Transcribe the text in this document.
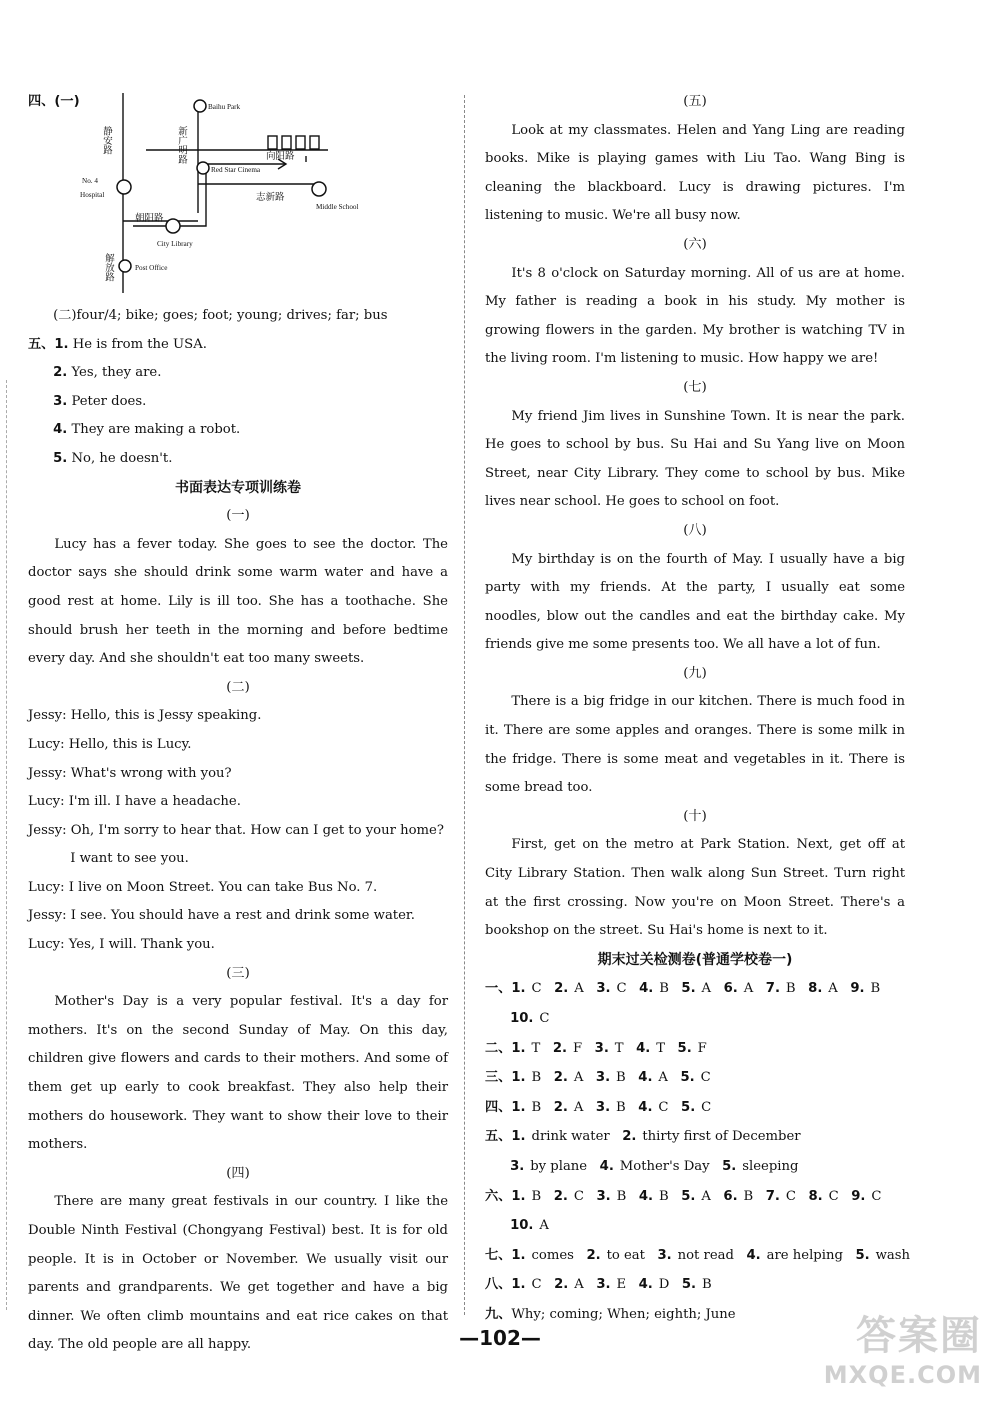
四、(一)	Baihu Park
Red Star Cinema
No. 4
Hospital
Middle School
City Library
Post Office
向阳路
志新路
朝阳路
新广明路
静安路
解放路

(二)four/4; bike; goes; foot; young; drives; far; bus

五、1. He is from the USA.

2. Yes, they are.

3. Peter does.

4. They are making a robot.

5. No, he doesn't.

书面表达专项训练卷

(一)

Lucy has a fever today. She goes to see the doctor. The doctor says she should drink some warm water and have a good rest at home. Lily is ill too. She has a toothache. She should brush her teeth in the morning and before bedtime every day. And she shouldn't eat too many sweets.

(二)

Jessy: Hello, this is Jessy speaking.

Lucy: Hello, this is Lucy.

Jessy: What's wrong with you?

Lucy: I'm ill. I have a headache.

Jessy: Oh, I'm sorry to hear that. How can I get to your home? I want to see you.

Lucy: I live on Moon Street. You can take Bus No. 7.

Jessy: I see. You should have a rest and drink some water.

Lucy: Yes, I will. Thank you.

(三)

Mother's Day is a very popular festival. It's a day for mothers. It's on the second Sunday of May. On this day, children give flowers and cards to their mothers. And some of them get up early to cook breakfast. They also help their mothers do housework. They want to show their love to their mothers.

(四)

There are many great festivals in our country. I like the Double Ninth Festival (Chongyang Festival) best. It is for old people. It is in October or November. We usually visit our parents and grandparents. We get together and have a big dinner. We often climb mountains and eat rice cakes on that day. The old people are all happy.

(五)

Look at my classmates. Helen and Yang Ling are reading books. Mike is playing games with Liu Tao. Wang Bing is cleaning the blackboard. Lucy is drawing pictures. I'm listening to music. We're all busy now.

(六)

It's 8 o'clock on Saturday morning. All of us are at home. My father is reading a book in his study. My mother is growing flowers in the garden. My brother is watching TV in the living room. I'm listening to music. How happy we are!

(七)

My friend Jim lives in Sunshine Town. It is near the park. He goes to school by bus. Su Hai and Su Yang live on Moon Street, near City Library. They come to school by bus. Mike lives near school. He goes to school on foot.

(八)

My birthday is on the fourth of May. I usually have a big party with my friends. At the party, I usually eat some noodles, blow out the candles and eat the birthday cake. My friends give me some presents too. We all have a lot of fun.

(九)

There is a big fridge in our kitchen. There is much food in it. There are some apples and oranges. There is some milk in the fridge. There is some meat and vegetables in it. There is some bread too.

(十)

First, get on the metro at Park Station. Next, get off at City Library Station. Then walk along Sun Street. Turn right at the first crossing. Now you're on Moon Street. There's a bookshop on the street. Su Hai's home is next to it.

期末过关检测卷(普通学校卷一)

一、1. C 2. A 3. C 4. B 5. A 6. A 7. B 8. A 9. B

10. C

二、1. T 2. F 3. T 4. T 5. F

三、1. B 2. A 3. B 4. A 5. C

四、1. B 2. A 3. B 4. C 5. C

五、1. drink water 2. thirty first of December

3. by plane 4. Mother's Day 5. sleeping

六、1. B 2. C 3. B 4. B 5. A 6. B 7. C 8. C 9. C

10. A

七、1. comes 2. to eat 3. not read 4. are helping 5. wash

八、1. C 2. A 3. E 4. D 5. B

九、Why; coming; When; eighth; June

—102—	答案圈
MXQE.COM
